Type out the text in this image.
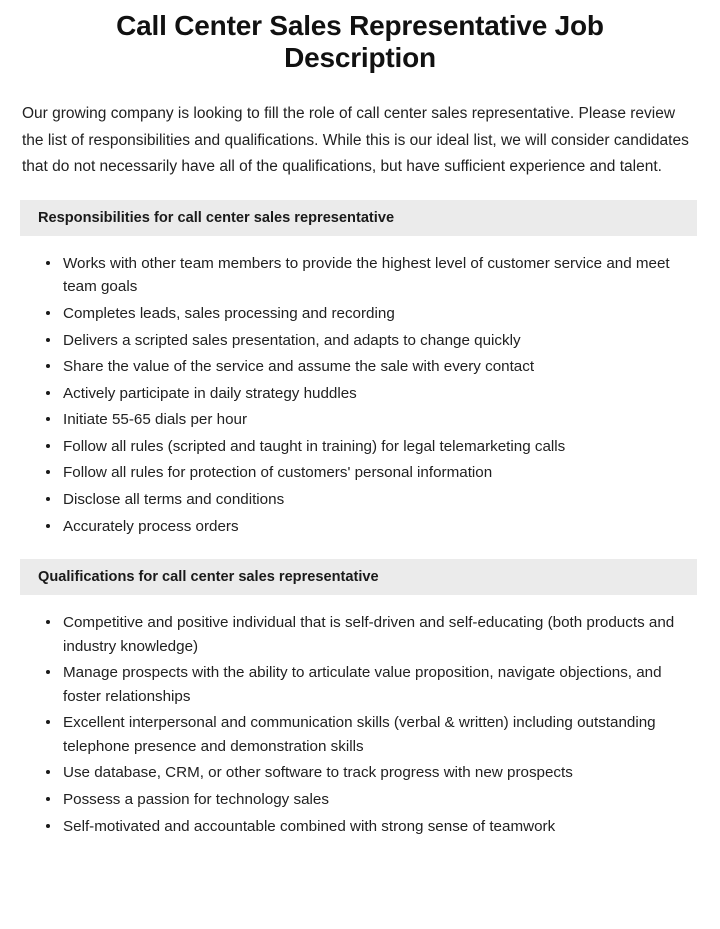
Call Center Sales Representative Job Description

Our growing company is looking to fill the role of call center sales representative. Please review the list of responsibilities and qualifications. While this is our ideal list, we will consider candidates that do not necessarily have all of the qualifications, but have sufficient experience and talent.

Responsibilities for call center sales representative
Works with other team members to provide the highest level of customer service and meet team goals
Completes leads, sales processing and recording
Delivers a scripted sales presentation, and adapts to change quickly
Share the value of the service and assume the sale with every contact
Actively participate in daily strategy huddles
Initiate 55-65 dials per hour
Follow all rules (scripted and taught in training) for legal telemarketing calls
Follow all rules for protection of customers' personal information
Disclose all terms and conditions
Accurately process orders
Qualifications for call center sales representative
Competitive and positive individual that is self-driven and self-educating (both products and industry knowledge)
Manage prospects with the ability to articulate value proposition, navigate objections, and foster relationships
Excellent interpersonal and communication skills (verbal & written) including outstanding telephone presence and demonstration skills
Use database, CRM, or other software to track progress with new prospects
Possess a passion for technology sales
Self-motivated and accountable combined with strong sense of teamwork
